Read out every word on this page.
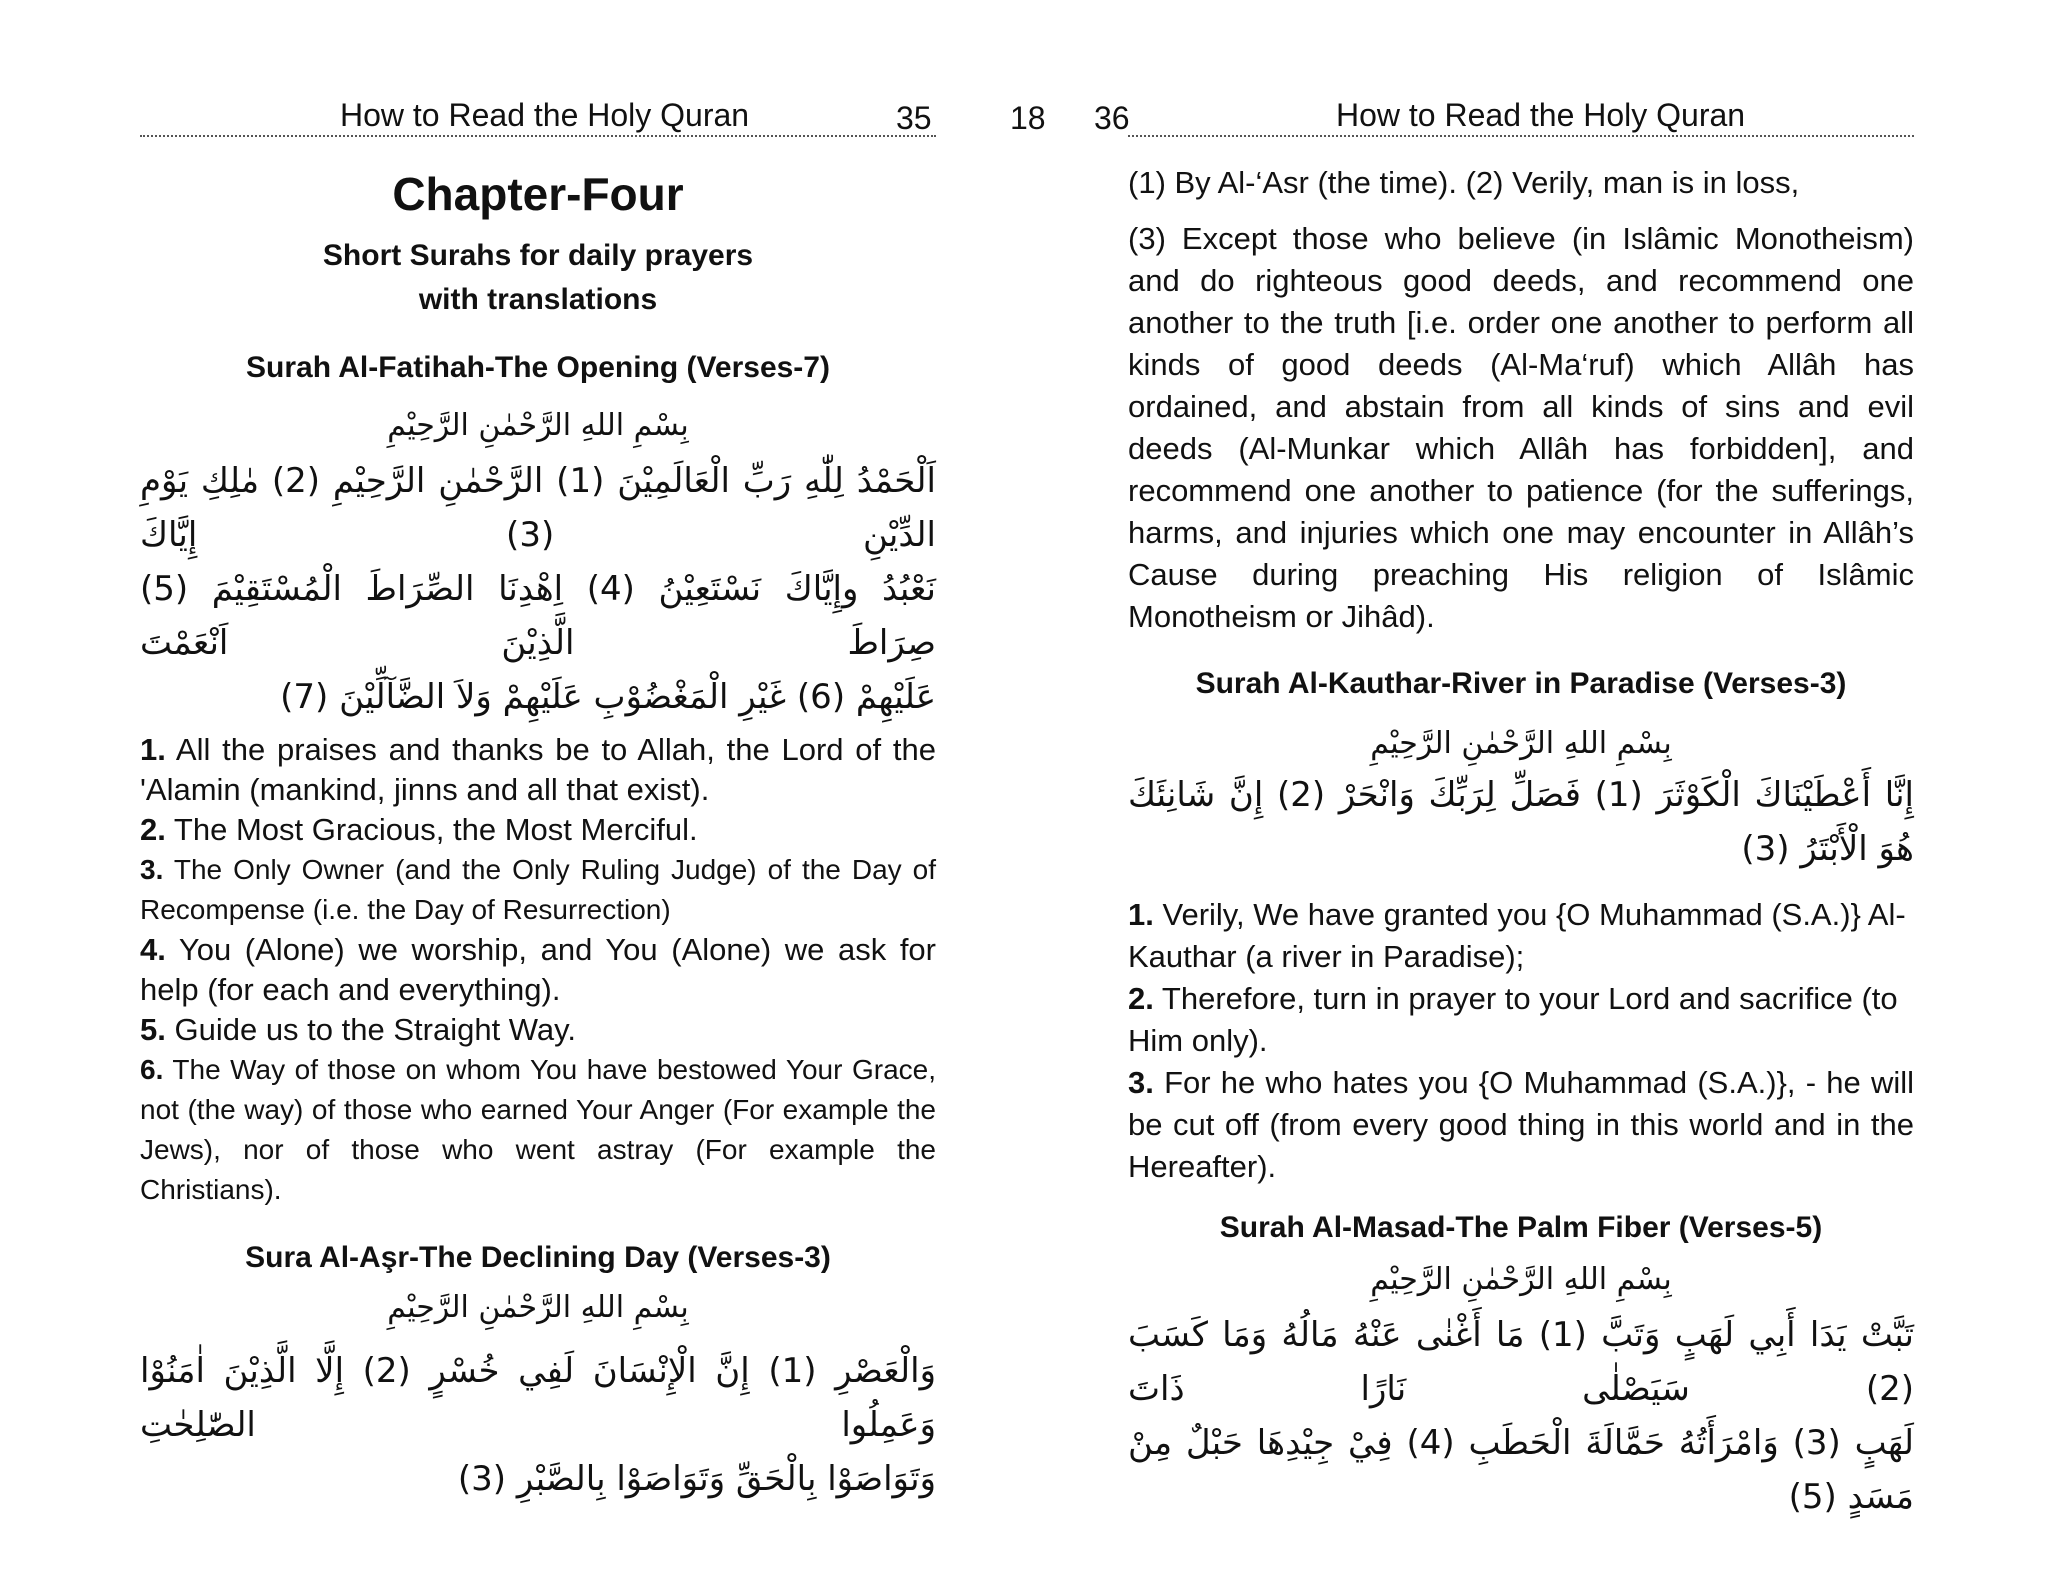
How to Read the Holy Quran	35 18 36	How to Read the Holy Quran
Chapter-Four
Short Surahs for daily prayers
with translations
Surah Al-Fatihah-The Opening (Verses-7)
بِسْمِ اللهِ الرَّحْمٰنِ الرَّحِيْمِ
اَلْحَمْدُ لِلّٰهِ رَبِّ الْعَالَمِيْنَ (1) الرَّحْمٰنِ الرَّحِيْمِ (2) مٰلِكِ يَوْمِ الدِّيْنِ (3) إِيَّاكَ
نَعْبُدُ وإِيَّاكَ نَسْتَعِيْنُ (4) اِهْدِنَا الصِّرَاطَ الْمُسْتَقِيْمَ (5) صِرَاطَ الَّذِيْنَ اَنْعَمْتَ
عَلَيْهِمْ (6) غَيْرِ الْمَغْضُوْبِ عَلَيْهِمْ وَلاَ الضَّآلِّيْنَ (7)

1. All the praises and thanks be to Allah, the Lord of the 'Alamin (mankind, jinns and all that exist).

2. The Most Gracious, the Most Merciful.

3. The Only Owner (and the Only Ruling Judge) of the Day of Recompense (i.e. the Day of Resurrection)

4. You (Alone) we worship, and You (Alone) we ask for help (for each and everything).

5. Guide us to the Straight Way.

6. The Way of those on whom You have bestowed Your Grace, not (the way) of those who earned Your Anger (For example the Jews), nor of those who went astray (For example the Christians).

Sura Al-Aşr-The Declining Day (Verses-3)
بِسْمِ اللهِ الرَّحْمٰنِ الرَّحِيْمِ
وَالْعَصْرِ (1) إِنَّ الْإِنْسَانَ لَفِي خُسْرٍ (2) إِلَّا الَّذِيْنَ اٰمَنُوْا وَعَمِلُوا الصّٰلِحٰتِ
وَتَوَاصَوْا بِالْحَقِّ وَتَوَاصَوْا بِالصَّبْرِ (3)

(1) By Al-‘Asr (the time). (2) Verily, man is in loss,

(3) Except those who believe (in Islâmic Monotheism) and do righteous good deeds, and recommend one another to the truth [i.e. order one another to perform all kinds of good deeds (Al-Ma‘ruf) which Allâh has ordained, and abstain from all kinds of sins and evil deeds (Al-Munkar which Allâh has forbidden], and recommend one another to patience (for the sufferings, harms, and injuries which one may encounter in Allâh’s Cause during preaching His religion of Islâmic Monotheism or Jihâd).

Surah Al-Kauthar-River in Paradise (Verses-3)
بِسْمِ اللهِ الرَّحْمٰنِ الرَّحِيْمِ
إِنَّا أَعْطَيْنَاكَ الْكَوْثَرَ (1) فَصَلِّ لِرَبِّكَ وَانْحَرْ (2) إِنَّ شَانِئَكَ هُوَ الْأَبْتَرُ (3)

1. Verily, We have granted you {O Muhammad (S.A.)} Al-Kauthar (a river in Paradise);

2. Therefore, turn in prayer to your Lord and sacrifice (to Him only).

3. For he who hates you {O Muhammad (S.A.)}, - he will be cut off (from every good thing in this world and in the Hereafter).

Surah Al-Masad-The Palm Fiber (Verses-5)
بِسْمِ اللهِ الرَّحْمٰنِ الرَّحِيْمِ
تَبَّتْ يَدَا أَبِي لَهَبٍ وَتَبَّ (1) مَا أَغْنٰى عَنْهُ مَالُهُ وَمَا كَسَبَ (2) سَيَصْلٰى نَارًا ذَاتَ
لَهَبٍ (3) وَامْرَأَتُهُ حَمَّالَةَ الْحَطَبِ (4) فِيْ جِيْدِهَا حَبْلٌ مِنْ مَسَدٍ (5)
